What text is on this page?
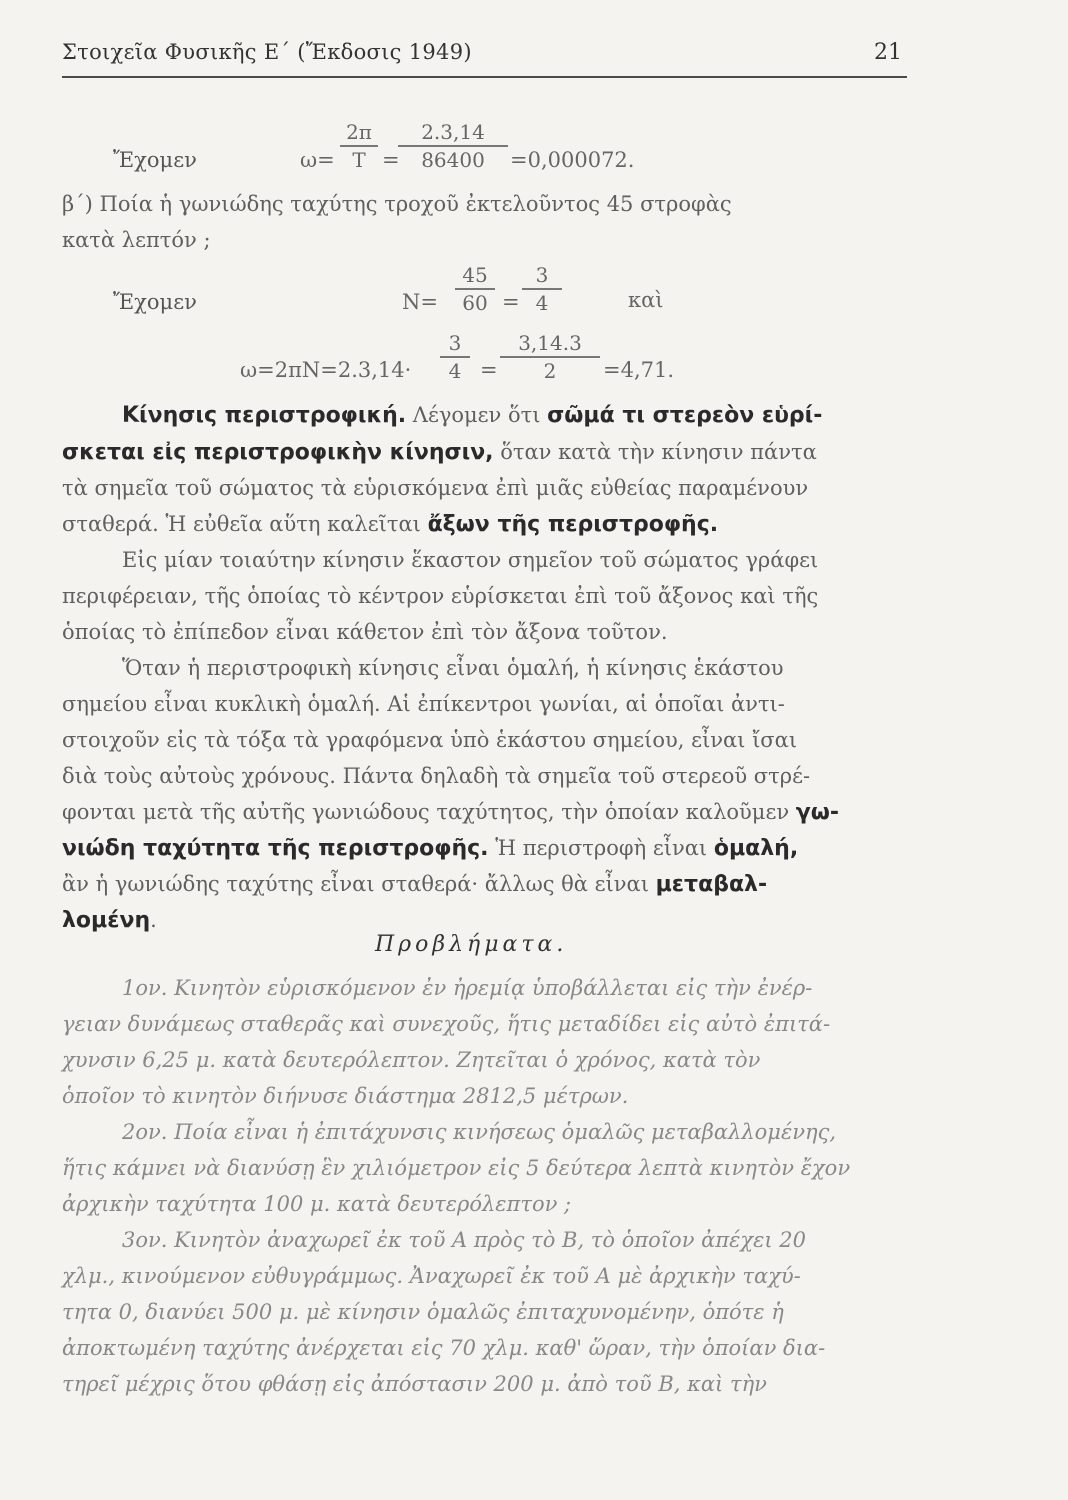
Στοιχεῖα Φυσικῆς Ε΄ (Ἔκδοσις 1949)	21
Ἔχομεν	ω=
2π
T =
2.3,14
86400	=0,000072.
β΄) Ποία ἡ γωνιώδης ταχύτης τροχοῦ ἐκτελοῦντος 45 στροφὰς
κατὰ λεπτόν ;
Ἔχομεν	N=
45
60 =
3
4	καὶ
ω=2πN=2.3,14·
3
4 =
3,14.3
2	=4,71.
Κίνησις περιστροφική. Λέγομεν ὅτι σῶμά τι στερεὸν εὑρί-
σκεται εἰς περιστροφικὴν κίνησιν, ὅταν κατὰ τὴν κίνησιν πάντα
τὰ σημεῖα τοῦ σώματος τὰ εὑρισκόμενα ἐπὶ μιᾶς εὐθείας παραμένουν
σταθερά. Ἡ εὐθεῖα αὕτη καλεῖται ἄξων τῆς περιστροφῆς.
Εἰς μίαν τοιαύτην κίνησιν ἕκαστον σημεῖον τοῦ σώματος γράφει
περιφέρειαν, τῆς ὁποίας τὸ κέντρον εὑρίσκεται ἐπὶ τοῦ ἄξονος καὶ τῆς
ὁποίας τὸ ἐπίπεδον εἶναι κάθετον ἐπὶ τὸν ἄξονα τοῦτον.
Ὅταν ἡ περιστροφικὴ κίνησις εἶναι ὁμαλή, ἡ κίνησις ἑκάστου
σημείου εἶναι κυκλικὴ ὁμαλή. Αἱ ἐπίκεντροι γωνίαι, αἱ ὁποῖαι ἀντι-
στοιχοῦν εἰς τὰ τόξα τὰ γραφόμενα ὑπὸ ἑκάστου σημείου, εἶναι ἴσαι
διὰ τοὺς αὐτοὺς χρόνους. Πάντα δηλαδὴ τὰ σημεῖα τοῦ στερεοῦ στρέ-
φονται μετὰ τῆς αὐτῆς γωνιώδους ταχύτητος, τὴν ὁποίαν καλοῦμεν γω-
νιώδη ταχύτητα τῆς περιστροφῆς. Ἡ περιστροφὴ εἶναι ὁμαλή,
ἂν ἡ γωνιώδης ταχύτης εἶναι σταθερά· ἄλλως θὰ εἶναι μεταβαλ-
λομένη.
Προβλήματα.
1ον. Κινητὸν εὑρισκόμενον ἐν ἠρεμίᾳ ὑποβάλλεται εἰς τὴν ἐνέρ-
γειαν δυνάμεως σταθερᾶς καὶ συνεχοῦς, ἥτις μεταδίδει εἰς αὐτὸ ἐπιτά-
χυνσιν 6,25 μ. κατὰ δευτερόλεπτον. Ζητεῖται ὁ χρόνος, κατὰ τὸν
ὁποῖον τὸ κινητὸν διήνυσε διάστημα 2812,5 μέτρων.
2ον. Ποία εἶναι ἡ ἐπιτάχυνσις κινήσεως ὁμαλῶς μεταβαλλομένης,
ἥτις κάμνει νὰ διανύσῃ ἓν χιλιόμετρον εἰς 5 δεύτερα λεπτὰ κινητὸν ἔχον
ἀρχικὴν ταχύτητα 100 μ. κατὰ δευτερόλεπτον ;
3ον. Κινητὸν ἀναχωρεῖ ἐκ τοῦ Α πρὸς τὸ Β, τὸ ὁποῖον ἀπέχει 20
χλμ., κινούμενον εὐθυγράμμως. Ἀναχωρεῖ ἐκ τοῦ Α μὲ ἀρχικὴν ταχύ-
τητα 0, διανύει 500 μ. μὲ κίνησιν ὁμαλῶς ἐπιταχυνομένην, ὁπότε ἡ
ἀποκτωμένη ταχύτης ἀνέρχεται εἰς 70 χλμ. καθ' ὥραν, τὴν ὁποίαν δια-
τηρεῖ μέχρις ὅτου φθάσῃ εἰς ἀπόστασιν 200 μ. ἀπὸ τοῦ Β, καὶ τὴν
